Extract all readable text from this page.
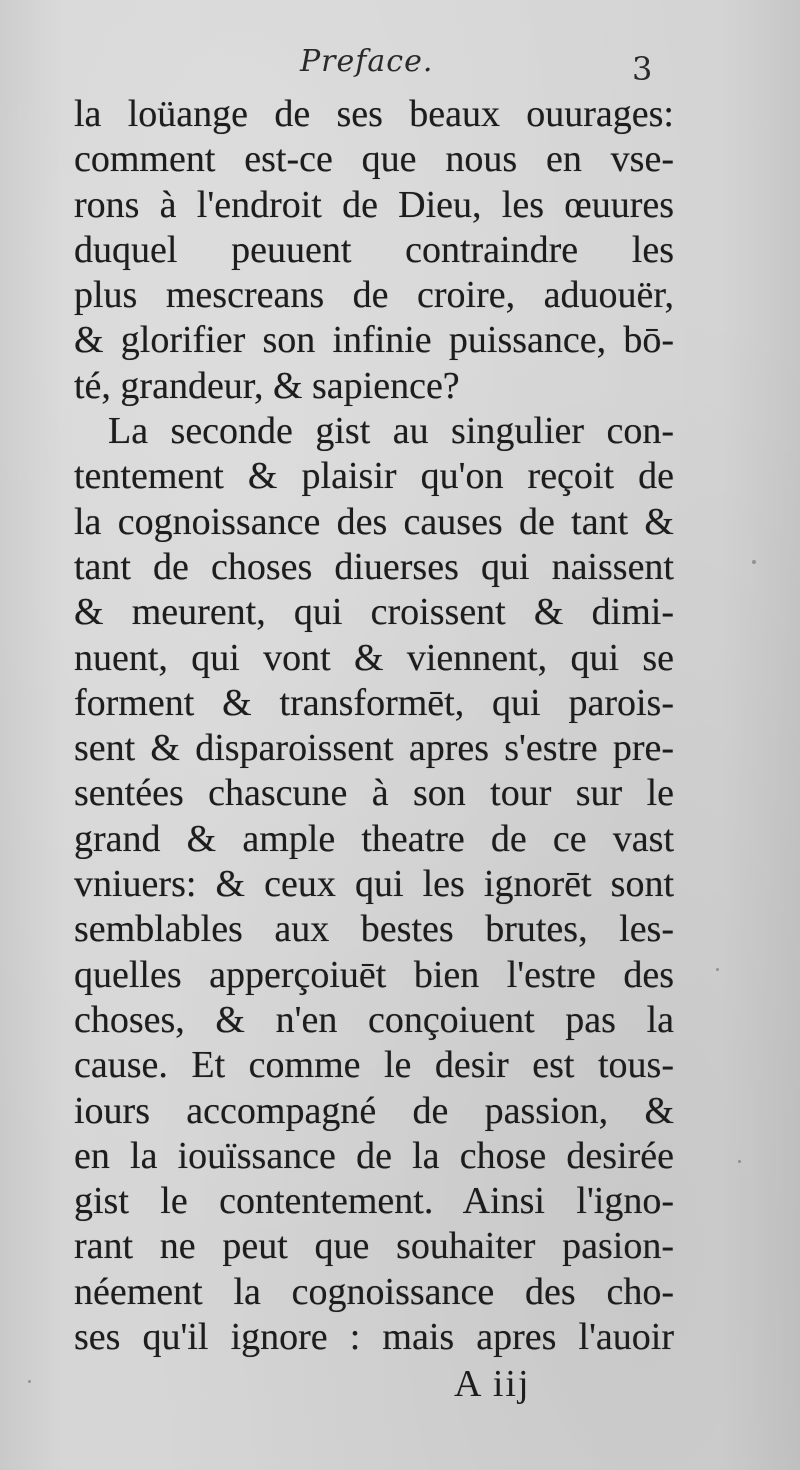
Preface.	3
la loüange de ses beaux ouurages:
comment est-ce que nous en vse-
rons à l'endroit de Dieu, les œuures
duquel peuuent contraindre les
plus mescreans de croire, aduouër,
& glorifier son infinie puissance, bō-
té, grandeur, & sapience?
La seconde gist au singulier con-
tentement & plaisir qu'on reçoit de
la cognoissance des causes de tant &
tant de choses diuerses qui naissent
& meurent, qui croissent & dimi-
nuent, qui vont & viennent, qui se
forment & transformēt, qui parois-
sent & disparoissent apres s'estre pre-
sentées chascune à son tour sur le
grand & ample theatre de ce vast
vniuers: & ceux qui les ignorēt sont
semblables aux bestes brutes, les-
quelles apperçoiuēt bien l'estre des
choses, & n'en conçoiuent pas la
cause. Et comme le desir est tous-
iours accompagné de passion, &
en la iouïssance de la chose desirée
gist le contentement. Ainsi l'igno-
rant ne peut que souhaiter pasion-
néement la cognoissance des cho-
ses qu'il ignore : mais apres l'auoir
A iij
